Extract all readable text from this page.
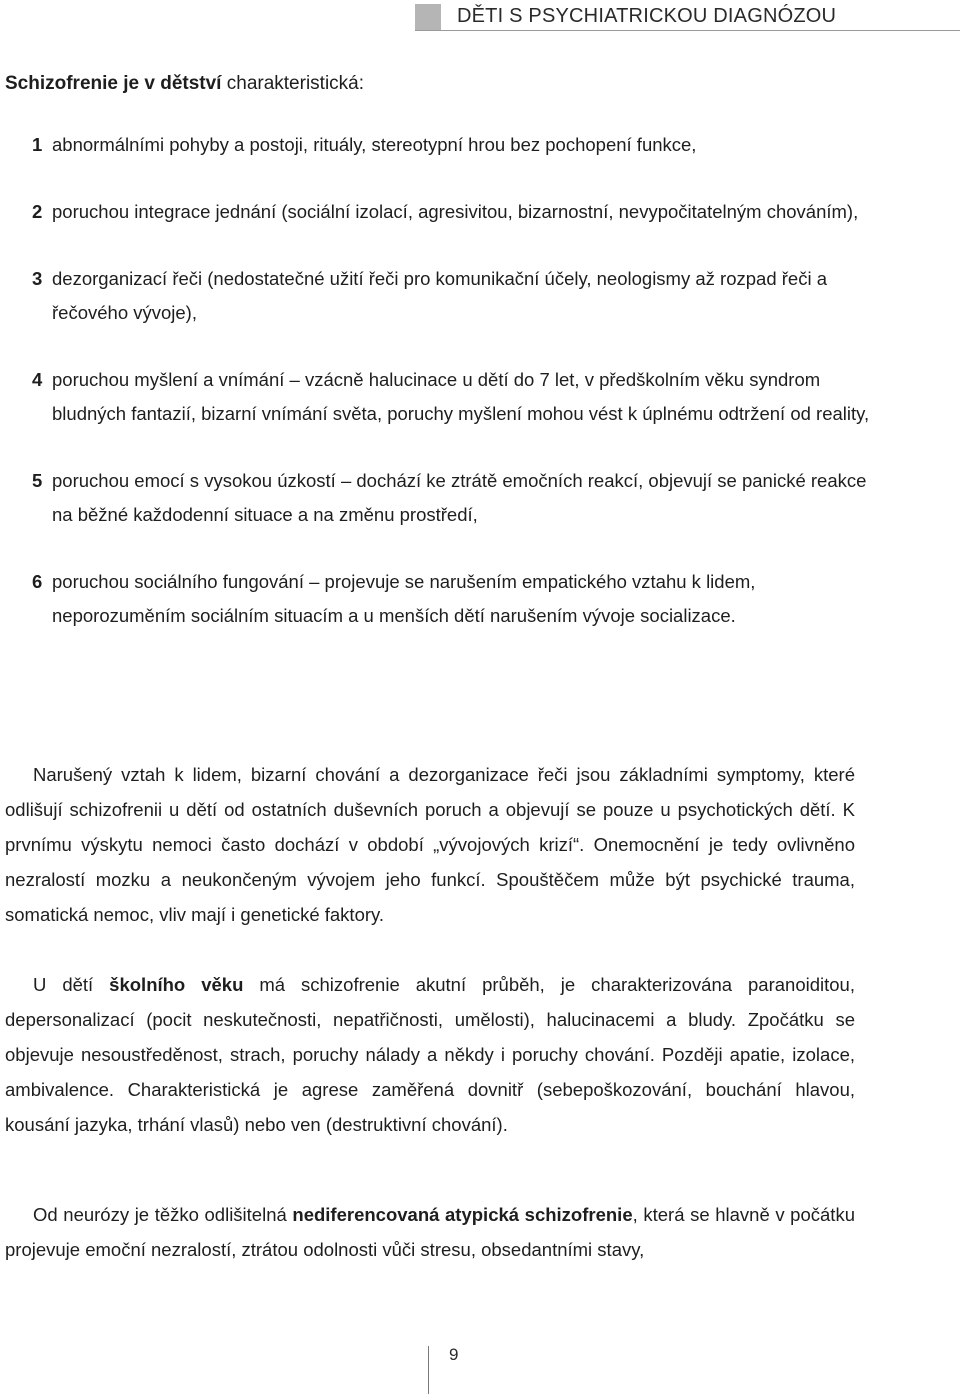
DĚTI S PSYCHIATRICKOU DIAGNÓZOU
Schizofrenie je v dětství charakteristická:
1 abnormálními pohyby a postoji, rituály, stereotypní hrou bez pochopení funkce,
2 poruchou integrace jednání (sociální izolací, agresivitou, bizarnostní, nevypočitatelným chováním),
3 dezorganizací řeči (nedostatečné užití řeči pro komunikační účely, neologismy až rozpad řeči a řečového vývoje),
4 poruchou myšlení a vnímání – vzácně halucinace u dětí do 7 let, v předškolním věku syndrom bludných fantazií, bizarní vnímání světa, poruchy myšlení mohou vést k úplnému odtržení od reality,
5 poruchou emocí s vysokou úzkostí – dochází ke ztrátě emočních reakcí, objevují se panické reakce na běžné každodenní situace a na změnu prostředí,
6 poruchou sociálního fungování – projevuje se narušením empatického vztahu k lidem, neporozuměním sociálním situacím a u menších dětí narušením vývoje socializace.

Narušený vztah k lidem, bizarní chování a dezorganizace řeči jsou základními symptomy, které odlišují schizofrenii u dětí od ostatních duševních poruch a objevují se pouze u psychotických dětí. K prvnímu výskytu nemoci často dochází v období „vývojových krizí“. Onemocnění je tedy ovlivněno nezralostí mozku a neukončeným vývojem jeho funkcí. Spouštěčem může být psychické trauma, somatická nemoc, vliv mají i genetické faktory.

U dětí školního věku má schizofrenie akutní průběh, je charakterizována paranoiditou, depersonalizací (pocit neskutečnosti, nepatřičnosti, umělosti), halucinacemi a bludy. Zpočátku se objevuje nesoustředěnost, strach, poruchy nálady a někdy i poruchy chování. Později apatie, izolace, ambivalence. Charakteristická je agrese zaměřená dovnitř (sebepoškozování, bouchání hlavou, kousání jazyka, trhání vlasů) nebo ven (destruktivní chování).

Od neurózy je těžko odlišitelná nediferencovaná atypická schizofrenie, která se hlavně v počátku projevuje emoční nezralostí, ztrátou odolnosti vůči stresu, obsedantními stavy,

9
